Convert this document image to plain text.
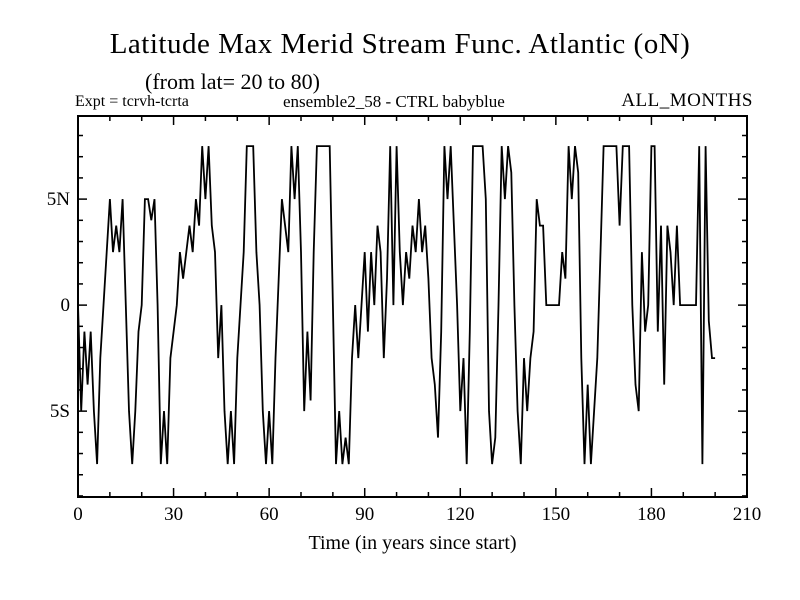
Latitude Max Merid Stream Func. Atlantic (oN)
(from lat= 20 to 80)
Expt = tcrvh-tcrta	ensemble2_58 - CTRL babyblue	ALL_MONTHS
0	30	60	90	120	150	180	210
5N
0
5S
Time (in years since start)
